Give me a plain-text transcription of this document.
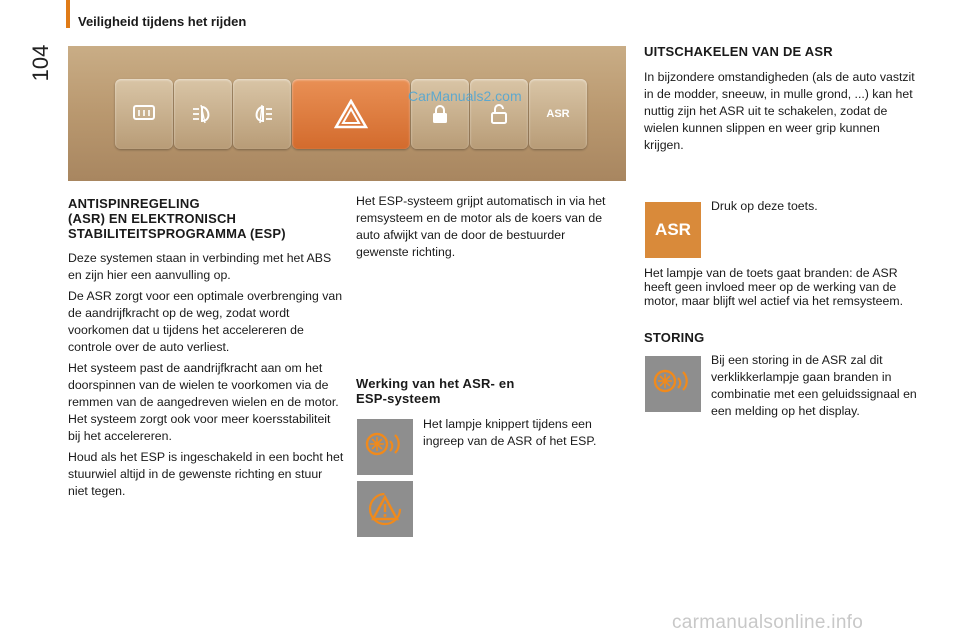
Veiligheid tijdens het rijden
104
ASR
CarManuals2.com
ANTISPINREGELING
(ASR) EN ELEKTRONISCH
STABILITEITSPROGRAMMA (ESP)

Deze systemen staan in verbinding met het ABS en zijn hier een aanvulling op.

De ASR zorgt voor een optimale overbrenging van de aandrijfkracht op de weg, zodat wordt voorkomen dat u tijdens het accelereren de controle over de auto verliest.

Het systeem past de aandrijfkracht aan om het doorspinnen van de wielen te voorkomen via de remmen van de aangedreven wielen en de motor. Het systeem zorgt ook voor meer koersstabiliteit bij het accelereren.

Houd als het ESP is ingeschakeld in een bocht het stuurwiel altijd in de gewenste richting en stuur niet tegen.

Het ESP-systeem grijpt automatisch in via het remsysteem en de motor als de koers van de auto afwijkt van de door de bestuurder gewenste richting.

Werking van het ASR- en
ESP-systeem

Het lampje knippert tijdens een ingreep van de ASR of het ESP.

UITSCHAKELEN VAN DE ASR

In bijzondere omstandigheden (als de auto vastzit in de modder, sneeuw, in mulle grond, ...) kan het nuttig zijn het ASR uit te schakelen, zodat de wielen kunnen slippen en weer grip kunnen krijgen.

ASR

Druk op deze toets.

Het lampje van de toets gaat branden: de ASR heeft geen invloed meer op de werking van de motor, maar blijft wel actief via het remsysteem.

STORING

Bij een storing in de ASR zal dit verklikkerlampje gaan branden in combinatie met een geluidssignaal en een melding op het display.

carmanualsonline.info
